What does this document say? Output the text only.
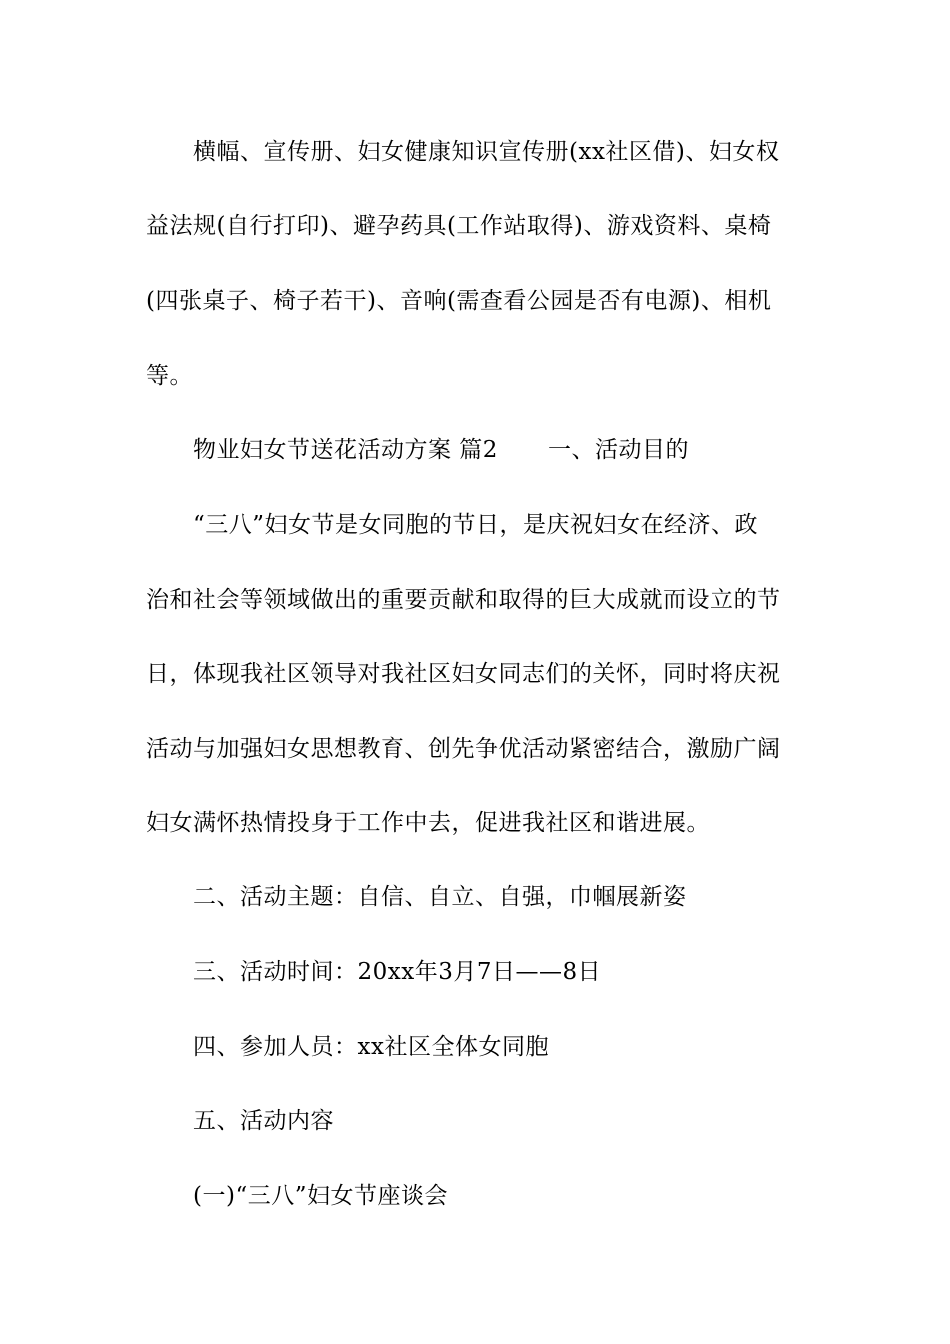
横幅、宣传册、妇女健康知识宣传册(xx社区借)、妇女权
益法规(自行打印)、避孕药具(工作站取得)、游戏资料、桌椅
(四张桌子、椅子若干)、音响(需查看公园是否有电源)、相机
等。
物业妇女节送花活动方案 篇2 一、活动目的
“三八”妇女节是女同胞的节日，是庆祝妇女在经济、政
治和社会等领域做出的重要贡献和取得的巨大成就而设立的节
日，体现我社区领导对我社区妇女同志们的关怀，同时将庆祝
活动与加强妇女思想教育、创先争优活动紧密结合，激励广阔
妇女满怀热情投身于工作中去，促进我社区和谐进展。
二、活动主题：自信、自立、自强，巾帼展新姿
三、活动时间：20xx年3月7日——8日
四、参加人员：xx社区全体女同胞
五、活动内容
(一)“三八”妇女节座谈会
